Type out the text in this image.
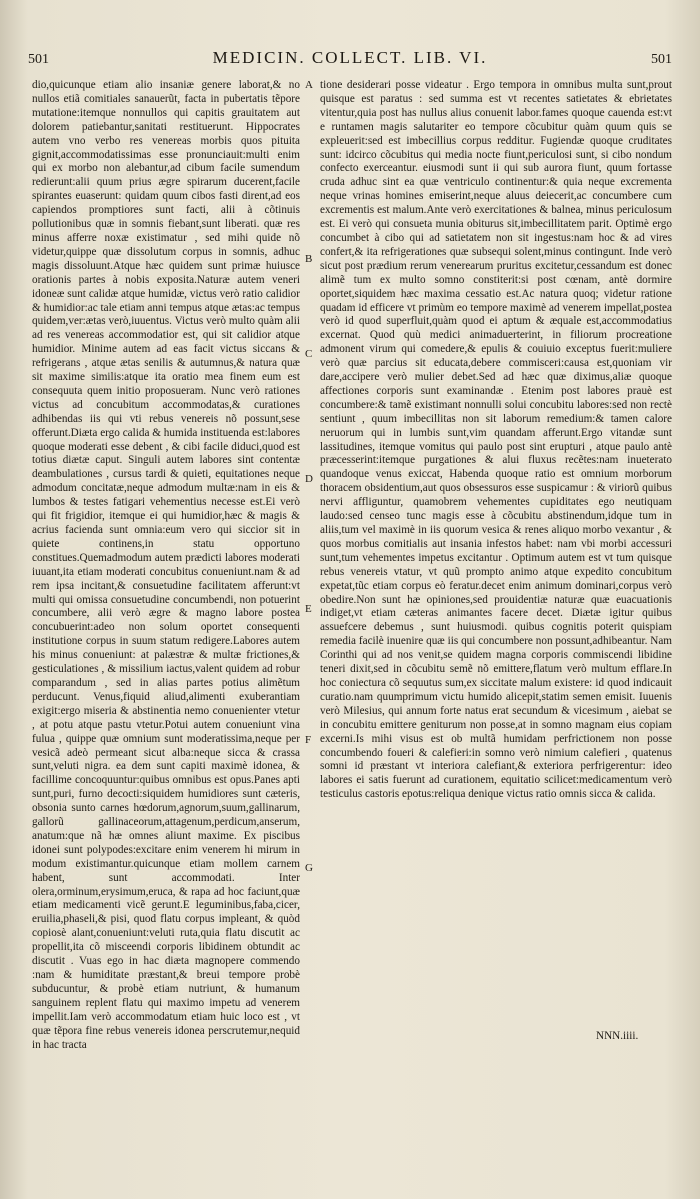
501	MEDICIN. COLLECT. LIB. VI.	501

dio,quicunque etiam alio insaniæ genere laborat,& no nullos etiã comitiales sanauerũt, facta in pubertatis tẽpore mutatione:itemque nonnullos qui capitis grauitatem aut dolorem patiebantur,sanitati restituerunt. Hippocrates autem vno verbo res venereas morbis quos pituita gignit,accommodatissimas esse pronunciauit:multi enim qui ex morbo non alebantur,ad cibum facile sumendum redierunt:alii quum prius ægre spirarum ducerent,facile spirantes euaserunt: quidam quum cibos fasti dirent,ad eos capiendos promptiores sunt facti, alii à cõtinuis pollutionibus quæ in somnis fiebant,sunt liberati. quæ res minus afferre noxæ existimatur , sed mihi quide nõ videtur,quippe quæ dissolutum corpus in somnis, adhuc magis dissoluunt.Atque hæc quidem sunt primæ huiusce orationis partes à nobis exposita.Naturæ autem veneri idoneæ sunt calidæ atque humidæ, victus verò ratio calidior & humidior:ac tale etiam anni tempus atque ætas:ac tempus quidem,ver:ætas verò,iuuentus. Victus verò multo quàm alii ad res venereas accommodatior est, qui sit calidior atque humidior. Minime autem ad eas facit victus siccans & refrigerans , atque ætas senilis & autumnus,& natura quæ sit maxime similis:atque ita oratio mea finem eum est consequuta quem initio proposueram. Nunc verò rationes victus ad concubitum accommodatas,& curationes adhibendas iis qui vti rebus venereis nõ possunt,sese offerunt.Diæta ergo calida & humida instituenda est:labores quoque moderati esse debent , & cibi facile diduci,quod est totius diætæ caput. Singuli autem labores sint contentæ deambulationes , cursus tardi & quieti, equitationes neque admodum concitatæ,neque admodum multæ:nam in eis & lumbos & testes fatigari vehementius necesse est.Ei verò qui fit frigidior, itemque ei qui humidior,hæc & magis & acrius facienda sunt omnia:eum vero qui siccior sit in quiete continens,in statu opportuno constitues.Quemadmodum autem prædicti labores moderati iuuant,ita etiam moderati concubitus conueniunt.nam & ad rem ipsa incitant,& consuetudine facilitatem afferunt:vt multi qui omissa consuetudine concumbendi, non potuerint concumbere, alii verò ægre & magno labore postea concubuerint:adeo non solum oportet consequenti institutione corpus in suum statum redigere.Labores autem his minus conueniunt: at palæstræ & multæ frictiones,& gesticulationes , & missilium iactus,valent quidem ad robur comparandum , sed in alias partes potius alimẽtum perducunt. Venus,fiquid aliud,alimenti exuberantiam exigit:ergo miseria & abstinentia nemo conuenienter vtetur , at potu atque pastu vtetur.Potui autem conueniunt vina fulua , quippe quæ omnium sunt moderatissima,neque per vesicã adeò permeant sicut alba:neque sicca & crassa sunt,veluti nigra. ea dem sunt capiti maximè idonea, & facillime concoquuntur:quibus omnibus est opus.Panes apti sunt,puri, furno decocti:siquidem humidiores sunt cæteris, obsonia sunto carnes hœdorum,agnorum,suum,gallinarum, gallorũ gallinaceorum,attagenum,perdicum,anserum, anatum:que nã hæ omnes aliunt maxime. Ex piscibus idonei sunt polypodes:excitare enim venerem hi mirum in modum existimantur.quicunque etiam mollem carnem habent, sunt accommodati. Inter olera,orminum,erysimum,eruca, & rapa ad hoc faciunt,quæ etiam medicamenti vicẽ gerunt.E leguminibus,faba,cicer, eruilia,phaseli,& pisi, quod flatu corpus impleant, & quòd copiosè alant,conueniunt:veluti ruta,quia flatu discutit ac propellit,ita cõ misceendi corporis libidinem obtundit ac discutit . Vuas ego in hac diæta magnopere commendo :nam & humiditate præstant,& breui tempore probè subducuntur, & probè etiam nutriunt, & humanum sanguinem replent flatu qui maximo impetu ad venerem impellit.Iam verò accommodatum etiam huic loco est , vt quæ tẽpora fine rebus venereis idonea perscrutemur,nequid in hac tracta

A
B
C
D
E
F
G

tione desiderari posse videatur . Ergo tempora in omnibus multa sunt,prout quisque est paratus : sed summa est vt recentes satietates & ebrietates vitentur,quia post has nullus alius conuenit labor.fames quoque cauenda est:vt e runtamen magis salutariter eo tempore cõcubitur quàm quum quis se expleuerit:sed est imbecillius corpus redditur. Fugiendæ quoque cruditates sunt: idcirco cõcubitus qui media nocte fiunt,periculosi sunt, si cibo nondum confecto exerceantur. eiusmodi sunt ii qui sub aurora fiunt, quum fortasse cruda adhuc sint ea quæ ventriculo continentur:& quia neque excrementa neque vrinas homines emiserint,neque aluus deiecerit,ac concumbere cum excrementis est malum.Ante verò exercitationes & balnea, minus periculosum est. Ei verò qui consueta munia obiturus sit,imbecillitatem parit. Optimè ergo concumbet à cibo qui ad satietatem non sit ingestus:nam hoc & ad vires confert,& ita refrigerationes quæ subsequi solent,minus contingunt. Inde verò sicut post prædium rerum venerearum pruritus excitetur,cessandum est donec alimẽ tum ex multo somno constiterit:si post cœnam, antè dormire oportet,siquidem hæc maxima cessatio est.Ac natura quoq; videtur ratione quadam id efficere vt primùm eo tempore maximè ad venerem impellat,postea verò id quod superfluit,quàm quod ei aptum & æquale est,accommodatius excernat. Quod quù medici animaduerterint, in filiorum procreatione admonent virum qui comedere,& epulis & couiuio exceptus fuerit:muliere verò quæ parcius sit educata,debere commisceri:causa est,quoniam vir dare,accipere verò mulier debet.Sed ad hæc quæ diximus,aliæ quoque affectiones corporis sunt examinandæ . Etenim post labores prauè est concumbere:& tamẽ existimant nonnulli solui concubitu labores:sed non rectè sentiunt , quum imbecillitas non sit laborum remedium:& tamen calore neruorum qui in lumbis sunt,vim quandam afferunt.Ergo vitandæ sunt lassitudines, itemque vomitus qui paulo post sint erupturi , atque paulo antè præcesserint:itemque purgationes & alui fluxus recẽtes:nam inueterato quandoque venus exiccat, Habenda quoque ratio est omnium morborum thoracem obsidentium,aut quos obsessuros esse suspicamur : & viriorũ quibus nervi affliguntur, quamobrem vehementes cupiditates ego neutiquam laudo:sed censeo tunc magis esse à cõcubitu abstinendum,idque tum in aliis,tum vel maximè in iis quorum vesica & renes aliquo morbo vexantur , & quos morbus comitialis aut insania infestos habet: nam vbi morbi accessuri sunt,tum vehementes impetus excitantur . Optimum autem est vt tum quisque rebus venereis vtatur, vt quũ prompto animo atque expedito concubitum expetat,tũc etiam corpus eò feratur.decet enim animum dominari,corpus verò obedire.Non sunt hæ opiniones,sed prouidentiæ naturæ quæ euacuationis indiget,vt etiam cæteras animantes facere decet. Diætæ igitur quibus assuefcere debemus , sunt huiusmodi. quibus cognitis poterit quispiam remedia facilè inuenire quæ iis qui concumbere non possunt,adhibeantur. Nam Corinthi qui ad nos venit,se quidem magna corporis commiscendi libidine teneri dixit,sed in cõcubitu semẽ nõ emittere,flatum verò multum efflare.In hoc coniectura cõ sequutus sum,ex siccitate malum existere: id quod indicauit curatio.nam quumprimum victu humido alicepit,statim semen emisit. Iuuenis verò Milesius, qui annum forte natus erat secundum & vicesimum , aiebat se in concubitu emittere geniturum non posse,at in somno magnam eius copiam excerni.Is mihi visus est ob multã humidam perfrictionem non posse concumbendo foueri & calefieri:in somno verò nimium calefieri , quatenus somni id præstant vt interiora calefiant,& exteriora perfrigerentur: ideo labores ei satis fuerunt ad curationem, equitatio scilicet:medicamentum verò testiculus castoris epotus:reliqua denique victus ratio omnis sicca & calida.

NNN.iiii.
